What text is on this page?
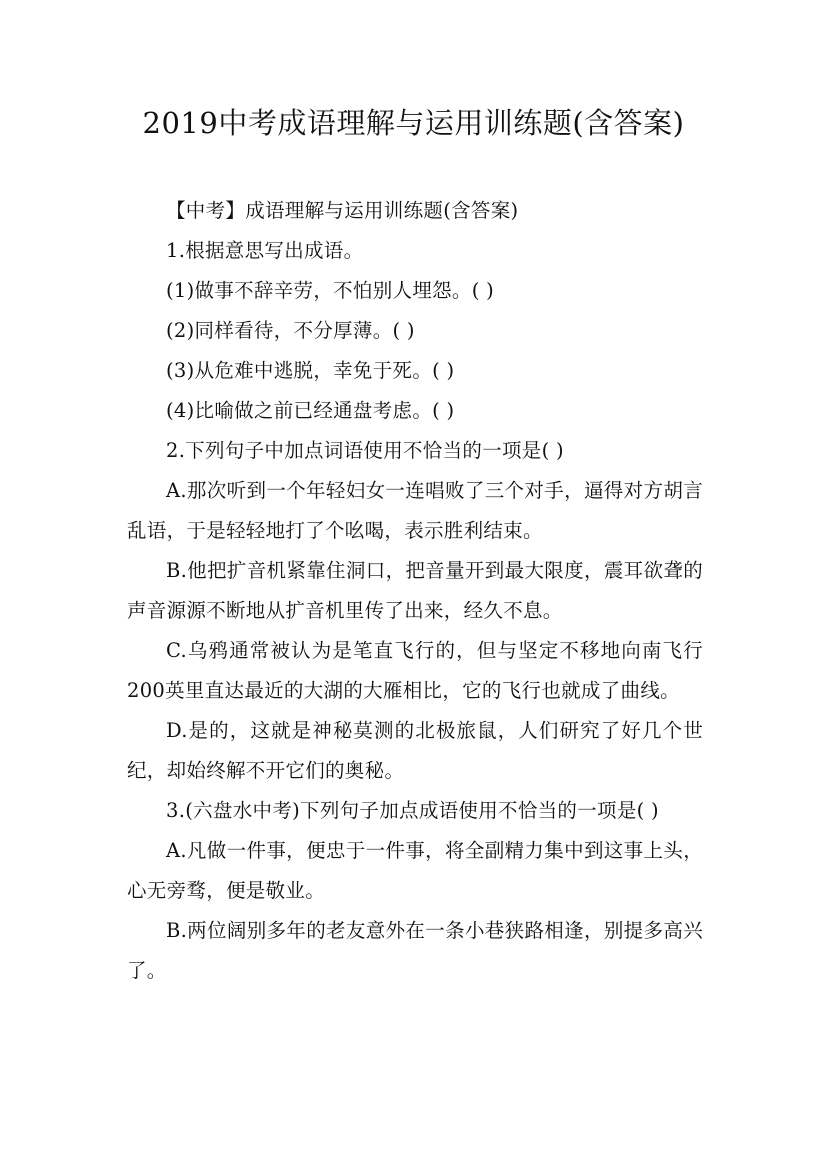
2019中考成语理解与运用训练题(含答案)

【中考】成语理解与运用训练题(含答案)

1.根据意思写出成语。

(1)做事不辞辛劳，不怕别人埋怨。( )

(2)同样看待，不分厚薄。( )

(3)从危难中逃脱，幸免于死。( )

(4)比喻做之前已经通盘考虑。( )

2.下列句子中加点词语使用不恰当的一项是( )

A.那次听到一个年轻妇女一连唱败了三个对手，逼得对方胡言乱语，于是轻轻地打了个吆喝，表示胜利结束。

B.他把扩音机紧靠住洞口，把音量开到最大限度，震耳欲聋的声音源源不断地从扩音机里传了出来，经久不息。

C.乌鸦通常被认为是笔直飞行的，但与坚定不移地向南飞行200英里直达最近的大湖的大雁相比，它的飞行也就成了曲线。

D.是的，这就是神秘莫测的北极旅鼠，人们研究了好几个世纪，却始终解不开它们的奥秘。

3.(六盘水中考)下列句子加点成语使用不恰当的一项是( )

A.凡做一件事，便忠于一件事，将全副精力集中到这事上头，心无旁骛，便是敬业。

B.两位阔别多年的老友意外在一条小巷狭路相逢，别提多高兴了。
